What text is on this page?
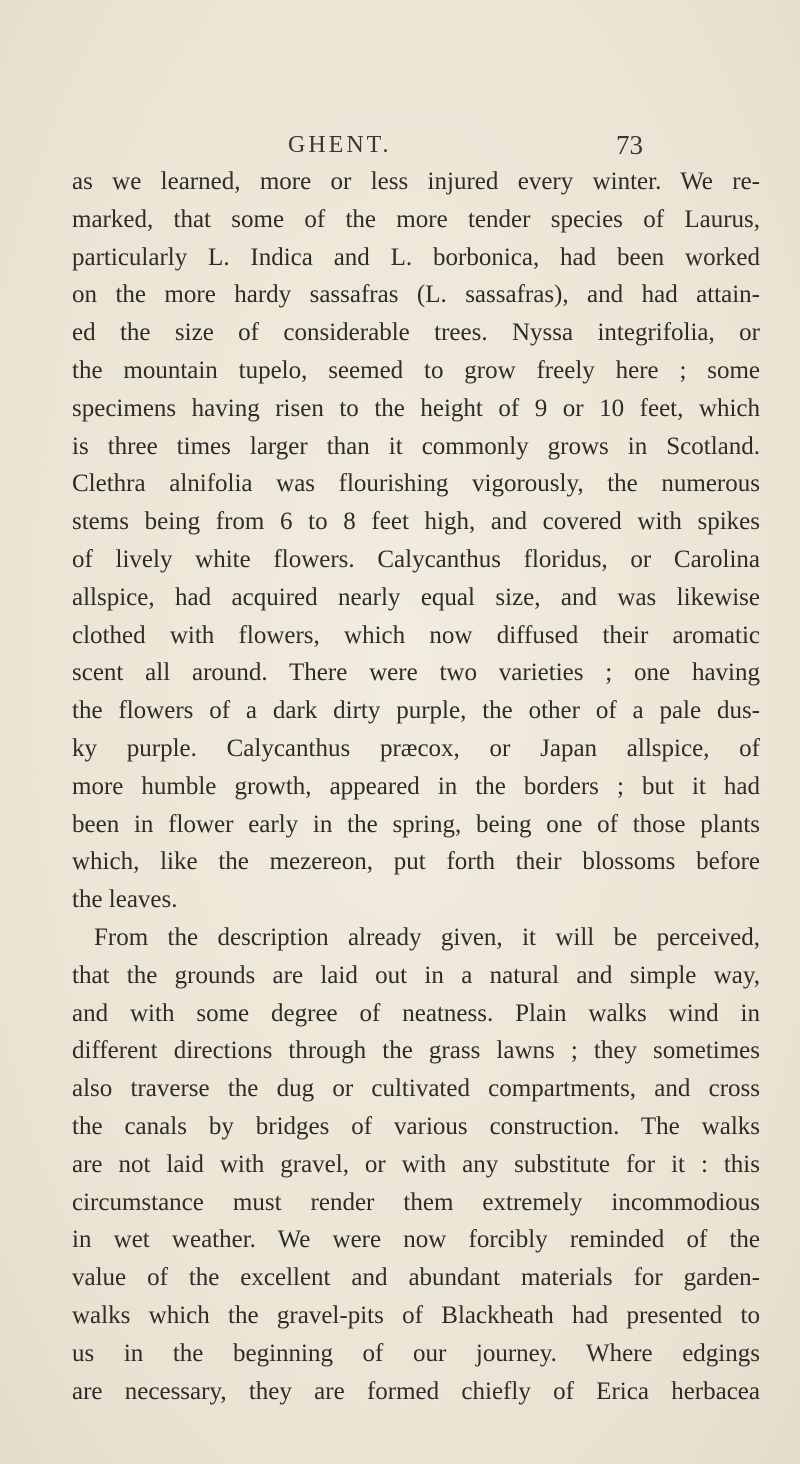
GHENT.	73
as we learned, more or less injured every winter. We re-
marked, that some of the more tender species of Laurus,
particularly L. Indica and L. borbonica, had been worked
on the more hardy sassafras (L. sassafras), and had attain-
ed the size of considerable trees. Nyssa integrifolia, or
the mountain tupelo, seemed to grow freely here ; some
specimens having risen to the height of 9 or 10 feet, which
is three times larger than it commonly grows in Scotland.
Clethra alnifolia was flourishing vigorously, the numerous
stems being from 6 to 8 feet high, and covered with spikes
of lively white flowers. Calycanthus floridus, or Carolina
allspice, had acquired nearly equal size, and was likewise
clothed with flowers, which now diffused their aromatic
scent all around. There were two varieties ; one having
the flowers of a dark dirty purple, the other of a pale dus-
ky purple. Calycanthus præcox, or Japan allspice, of
more humble growth, appeared in the borders ; but it had
been in flower early in the spring, being one of those plants
which, like the mezereon, put forth their blossoms before
the leaves.
From the description already given, it will be perceived,
that the grounds are laid out in a natural and simple way,
and with some degree of neatness. Plain walks wind in
different directions through the grass lawns ; they sometimes
also traverse the dug or cultivated compartments, and cross
the canals by bridges of various construction. The walks
are not laid with gravel, or with any substitute for it : this
circumstance must render them extremely incommodious
in wet weather. We were now forcibly reminded of the
value of the excellent and abundant materials for garden-
walks which the gravel-pits of Blackheath had presented to
us in the beginning of our journey. Where edgings
are necessary, they are formed chiefly of Erica herbacea
